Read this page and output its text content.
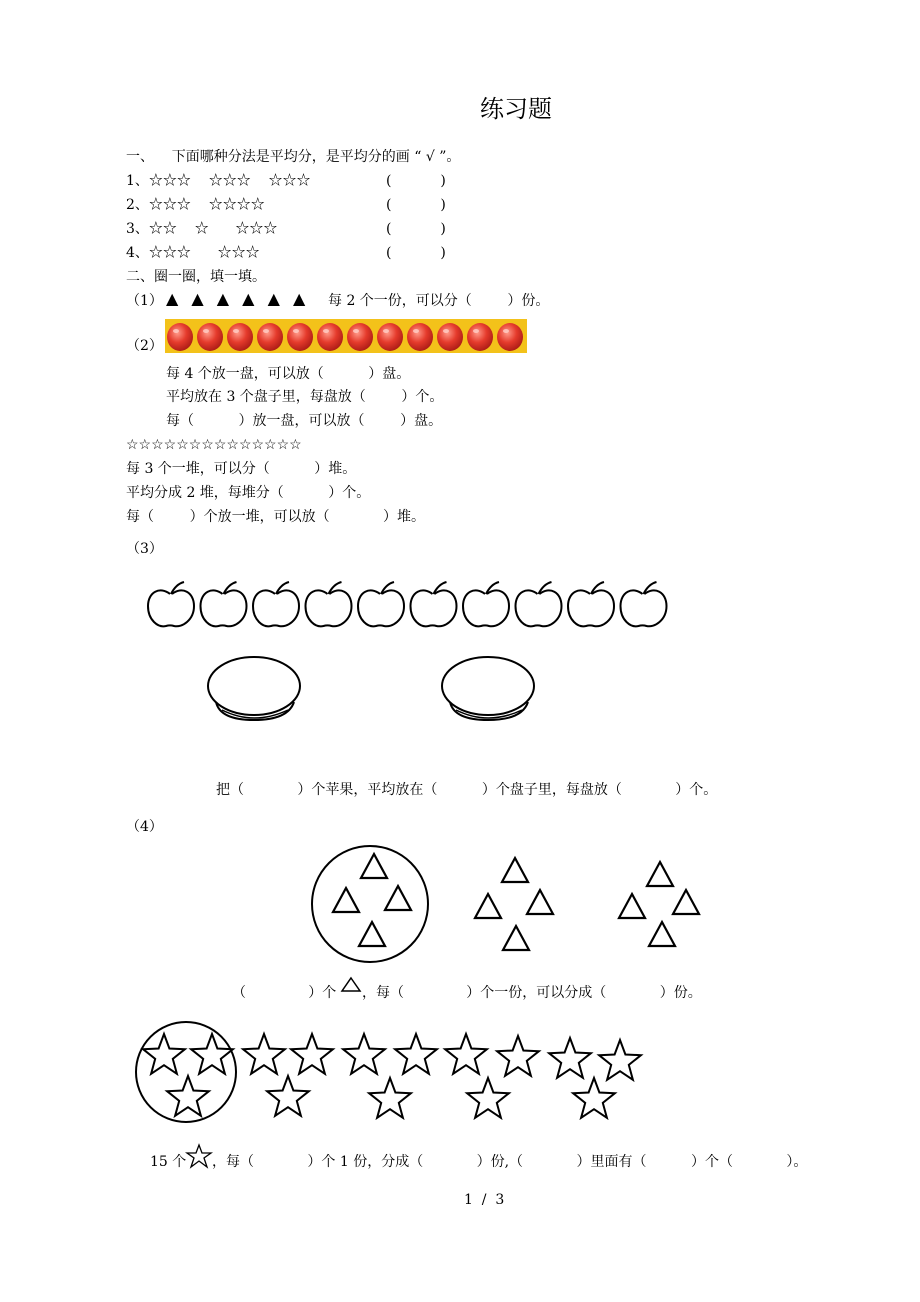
练习题
一、    下面哪种分法是平均分，是平均分的画 “ √ ”。
1、☆☆☆    ☆☆☆    ☆☆☆	(           )
2、☆☆☆    ☆☆☆☆	(           )
3、☆☆    ☆      ☆☆☆	(           )
4、☆☆☆      ☆☆☆	(           )
二、圈一圈，填一填。
（1） ▲ ▲ ▲ ▲ ▲ ▲ 每 2 个一份，可以分（        ）份。
（2）
每 4 个放一盘，可以放（          ）盘。
平均放在 3 个盘子里，每盘放（        ）个。
每（          ）放一盘，可以放（        ）盘。
☆☆☆☆☆☆☆☆☆☆☆☆☆☆
每 3 个一堆，可以分（          ）堆。
平均分成 2 堆，每堆分（          ）个。
每（        ）个放一堆，可以放（            ）堆。
（3）
把（            ）个苹果，平均放在（          ）个盘子里，每盘放（            ）个。
（4）
（              ）个 ，每（              ）个一份，可以分成（            ）份。
15 个 ，每（            ）个 1 份，分成（            ）份,（            ）里面有（          ）个（            ）。
1  /  3
